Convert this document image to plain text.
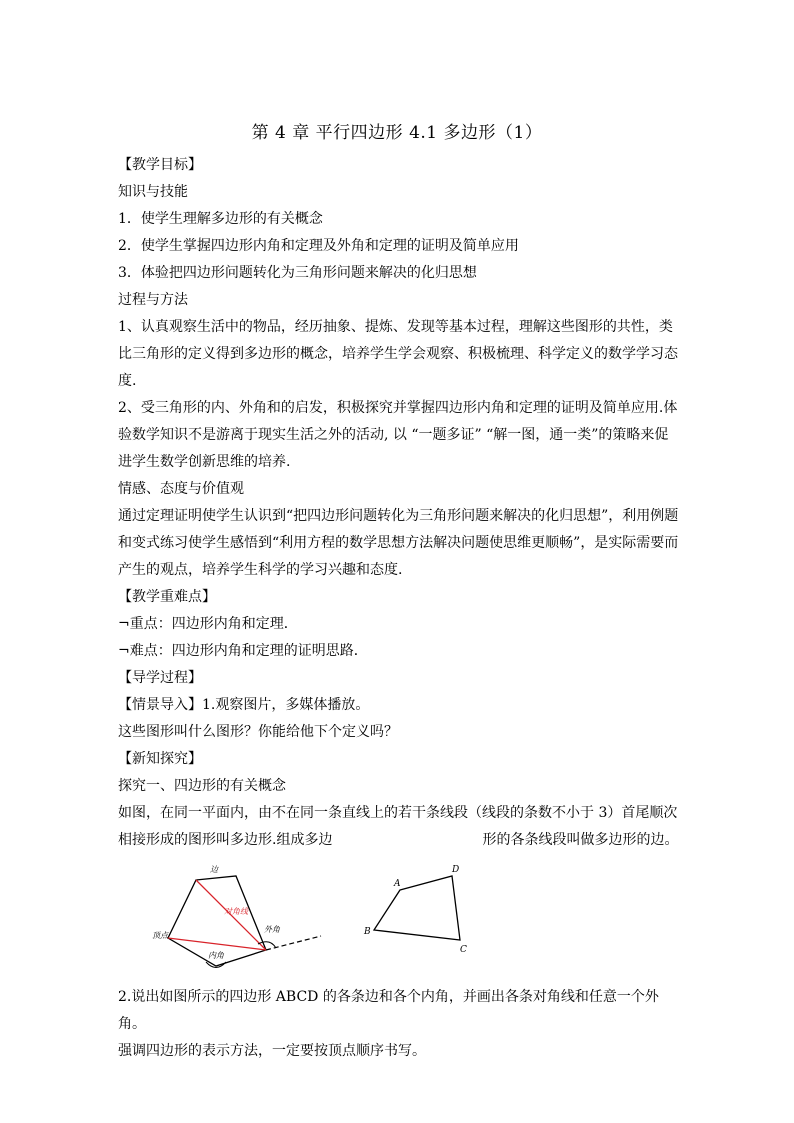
第 4 章 平行四边形 4.1 多边形（1）

【教学目标】

知识与技能

1．使学生理解多边形的有关概念

2．使学生掌握四边形内角和定理及外角和定理的证明及简单应用

3．体验把四边形问题转化为三角形问题来解决的化归思想

过程与方法

1、认真观察生活中的物品，经历抽象、提炼、发现等基本过程，理解这些图形的共性，类比三角形的定义得到多边形的概念，培养学生学会观察、积极梳理、科学定义的数学学习态度.

2、受三角形的内、外角和的启发，积极探究并掌握四边形内角和定理的证明及简单应用.体验数学知识不是游离于现实生活之外的活动, 以 “一题多证” “解一图，通一类”的策略来促进学生数学创新思维的培养.

情感、态度与价值观

通过定理证明使学生认识到“把四边形问题转化为三角形问题来解决的化归思想”，利用例题和变式练习使学生感悟到“利用方程的数学思想方法解决问题使思维更顺畅”，是实际需要而产生的观点，培养学生科学的学习兴趣和态度.

【教学重难点】

¬重点：四边形内角和定理．

¬难点：四边形内角和定理的证明思路．

【导学过程】

【情景导入】1.观察图片，多媒体播放。

这些图形叫什么图形？你能给他下个定义吗？

【新知探究】

探究一、四边形的有关概念

如图，在同一平面内，由不在同一条直线上的若干条线段（线段的条数不小于 3）首尾顺次相接形成的图形叫多边形.组成多边	形的各条线段叫做多边形的边。

边
对角线
顶点
内角
外角
A
D
B
C

2.说出如图所示的四边形 ABCD 的各条边和各个内角，并画出各条对角线和任意一个外角。

强调四边形的表示方法，一定要按顶点顺序书写。
